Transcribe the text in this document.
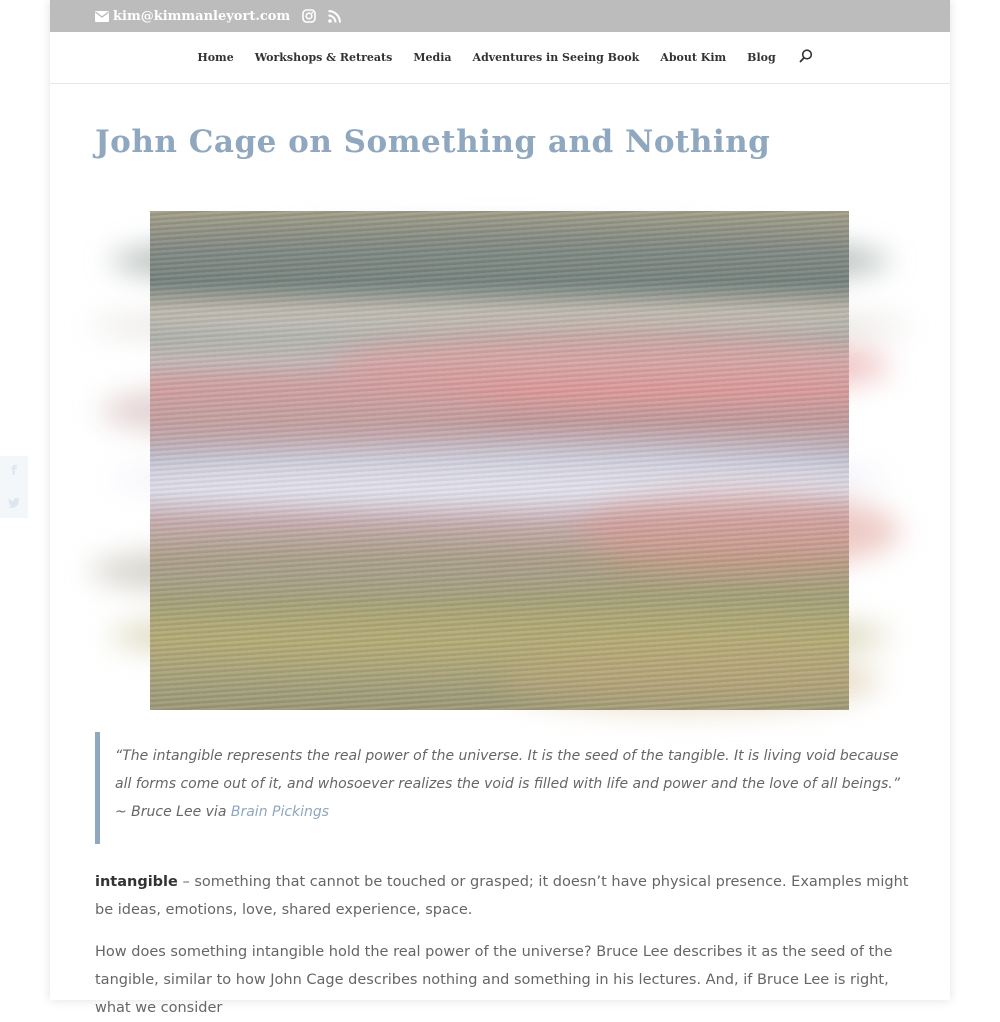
f
kim@kimmanleyort.com
Home Workshops & Retreats Media Adventures in Seeing Book About Kim Blog
John Cage on Something and Nothing
“The intangible represents the real power of the universe. It is the seed of the tangible. It is living void because all forms come out of it, and whosoever realizes the void is filled with life and power and the love of all beings.” ~ Bruce Lee via Brain Pickings

intangible – something that cannot be touched or grasped; it doesn’t have physical presence. Examples might be ideas, emotions, love, shared experience, space.

How does something intangible hold the real power of the universe? Bruce Lee describes it as the seed of the tangible, similar to how John Cage describes nothing and something in his lectures. And, if Bruce Lee is right, what we consider
